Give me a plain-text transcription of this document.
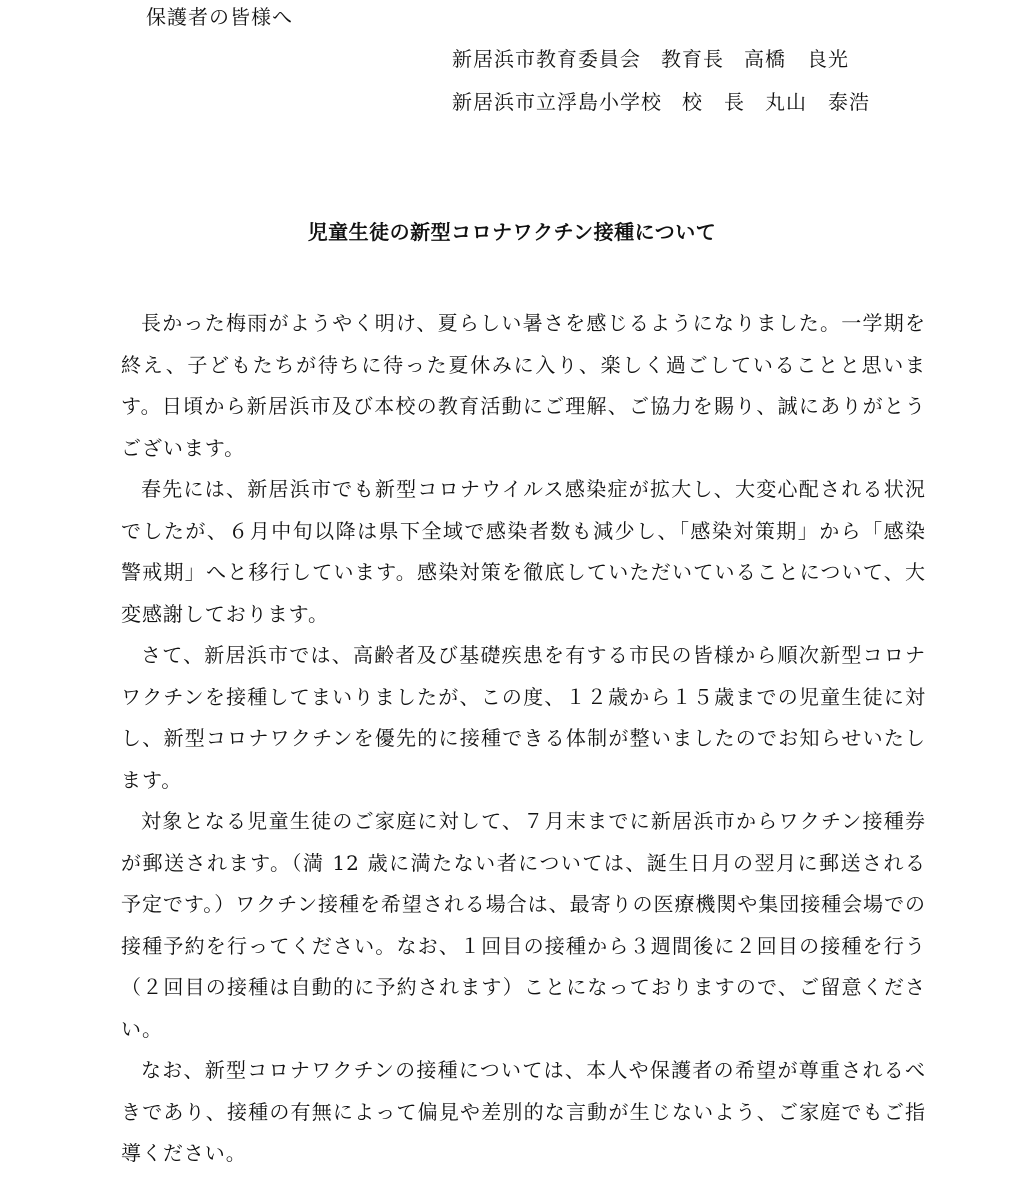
保護者の皆様へ
新居浜市教育委員会 教育長 高橋　良光
新居浜市立浮島小学校 校　長 丸山　泰浩
児童生徒の新型コロナワクチン接種について

長かった梅雨がようやく明け、夏らしい暑さを感じるようになりました。一学期を終え、子どもたちが待ちに待った夏休みに入り、楽しく過ごしていることと思います。日頃から新居浜市及び本校の教育活動にご理解、ご協力を賜り、誠にありがとうございます。

春先には、新居浜市でも新型コロナウイルス感染症が拡大し、大変心配される状況でしたが、６月中旬以降は県下全域で感染者数も減少し、「感染対策期」から「感染警戒期」へと移行しています。感染対策を徹底していただいていることについて、大変感謝しております。

さて、新居浜市では、高齢者及び基礎疾患を有する市民の皆様から順次新型コロナワクチンを接種してまいりましたが、この度、１２歳から１５歳までの児童生徒に対し、新型コロナワクチンを優先的に接種できる体制が整いましたのでお知らせいたします。

対象となる児童生徒のご家庭に対して、７月末までに新居浜市からワクチン接種券が郵送されます。（満 12 歳に満たない者については、誕生日月の翌月に郵送される予定です。）ワクチン接種を希望される場合は、最寄りの医療機関や集団接種会場での接種予約を行ってください。なお、１回目の接種から３週間後に２回目の接種を行う（２回目の接種は自動的に予約されます）ことになっておりますので、ご留意ください。

なお、新型コロナワクチンの接種については、本人や保護者の希望が尊重されるべきであり、接種の有無によって偏見や差別的な言動が生じないよう、ご家庭でもご指導ください。
